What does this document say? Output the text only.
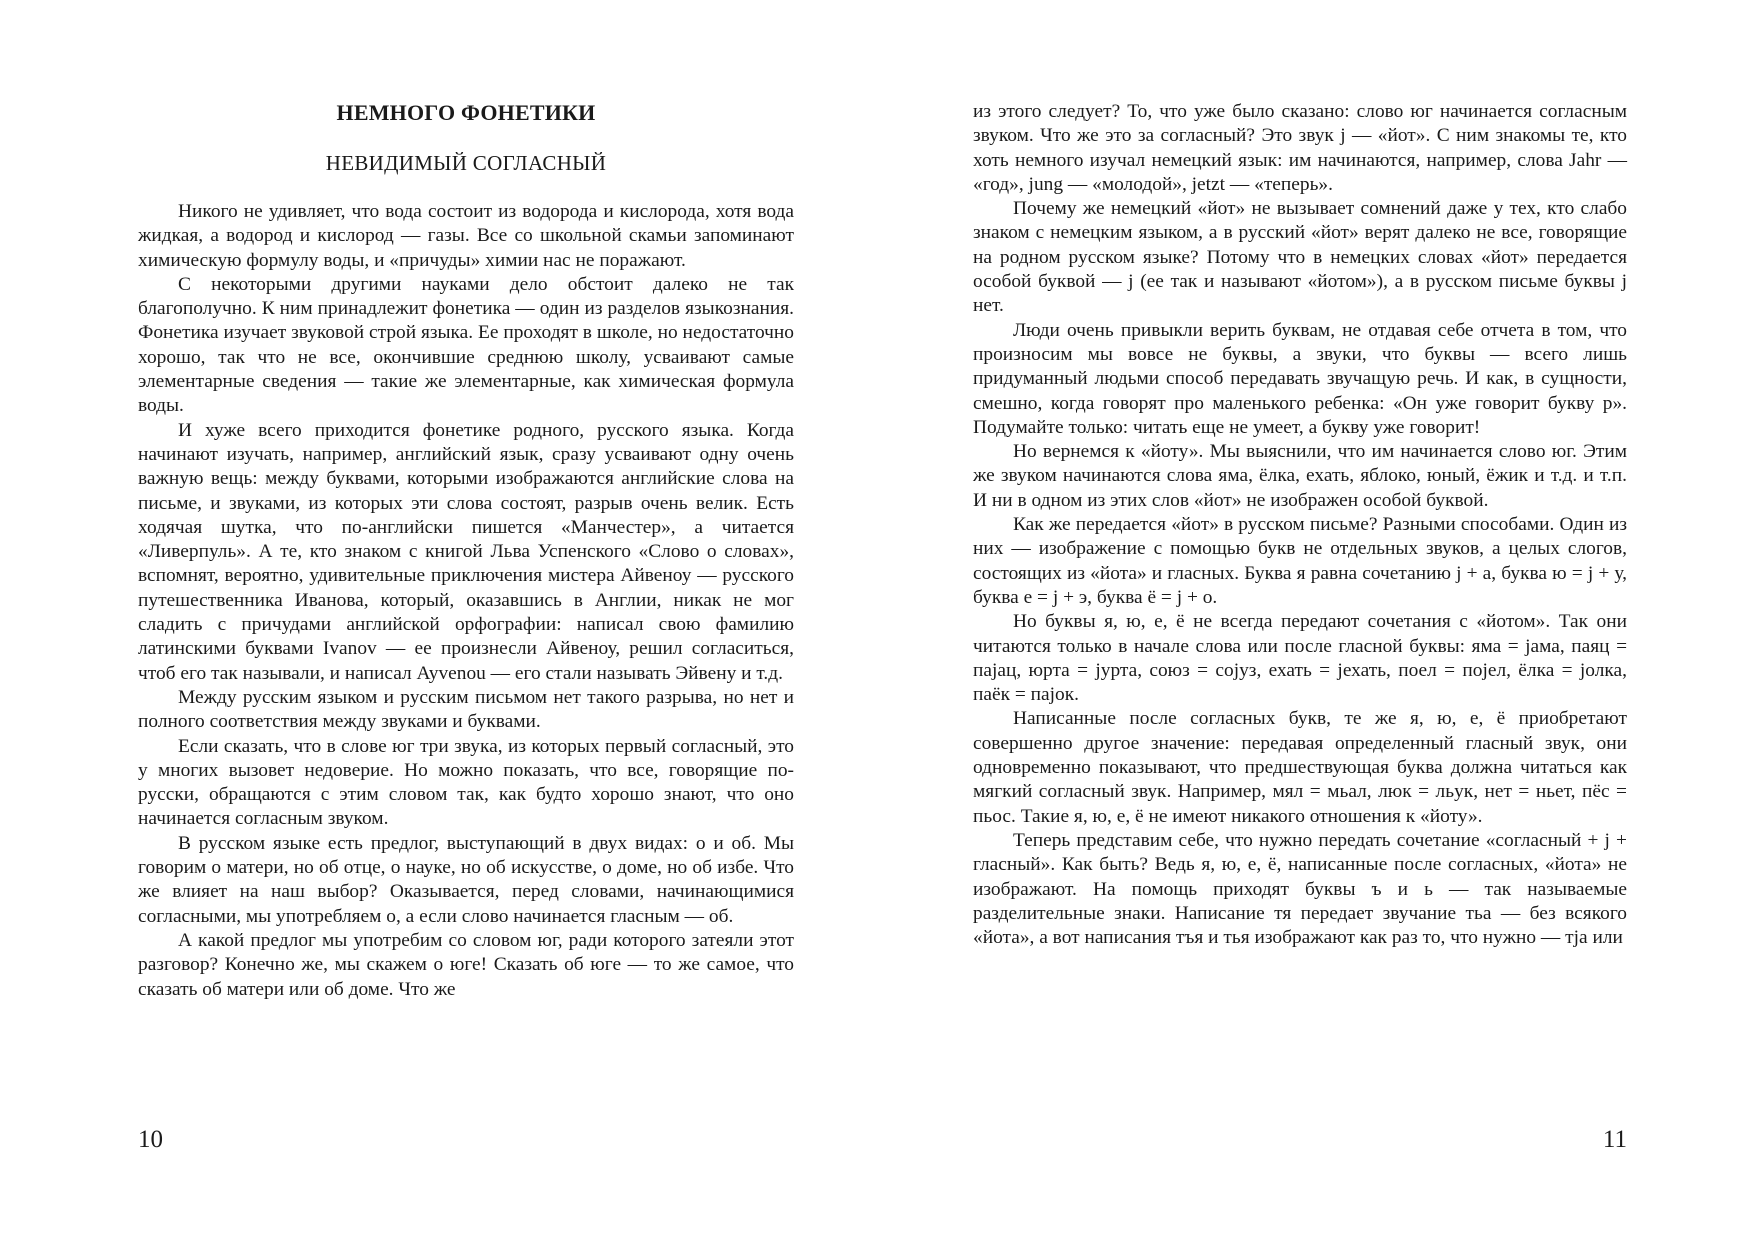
НЕМНОГО ФОНЕТИКИ
НЕВИДИМЫЙ СОГЛАСНЫЙ

Никого не удивляет, что вода состоит из водорода и кислорода, хотя вода жидкая, а водород и кислород — газы. Все со школьной скамьи запоминают химическую формулу воды, и «причуды» химии нас не поражают.

С некоторыми другими науками дело обстоит далеко не так благополучно. К ним принадлежит фонетика — один из разделов языкознания. Фонетика изучает звуковой строй языка. Ее проходят в школе, но недостаточно хорошо, так что не все, окончившие среднюю школу, усваивают самые элементарные сведения — такие же элементарные, как химическая формула воды.

И хуже всего приходится фонетике родного, русского языка. Когда начинают изучать, например, английский язык, сразу усваивают одну очень важную вещь: между буквами, которыми изображаются английские слова на письме, и звуками, из которых эти слова состоят, разрыв очень велик. Есть ходячая шутка, что по-английски пишется «Манчестер», а читается «Ливерпуль». А те, кто знаком с книгой Льва Успенского «Слово о словах», вспомнят, вероятно, удивительные приключения мистера Айвеноу — русского путешественника Иванова, который, оказавшись в Англии, никак не мог сладить с причудами английской орфографии: написал свою фамилию латинскими буквами Ivanov — ее произнесли Айвеноу, решил согласиться, чтоб его так называли, и написал Ayvenou — его стали называть Эйвену и т.д.

Между русским языком и русским письмом нет такого разрыва, но нет и полного соответствия между звуками и буквами.

Если сказать, что в слове юг три звука, из которых первый согласный, это у многих вызовет недоверие. Но можно показать, что все, говорящие по-русски, обращаются с этим словом так, как будто хорошо знают, что оно начинается согласным звуком.

В русском языке есть предлог, выступающий в двух видах: о и об. Мы говорим о матери, но об отце, о науке, но об искусстве, о доме, но об избе. Что же влияет на наш выбор? Оказывается, перед словами, начинающимися согласными, мы употребляем о, а если слово начинается гласным — об.

А какой предлог мы употребим со словом юг, ради которого затеяли этот разговор? Конечно же, мы скажем о юге! Сказать об юге — то же самое, что сказать об матери или об доме. Что же

10

из этого следует? То, что уже было сказано: слово юг начинается согласным звуком. Что же это за согласный? Это звук j — «йот». С ним знакомы те, кто хоть немного изучал немецкий язык: им начинаются, например, слова Jahr — «год», jung — «молодой», jetzt — «теперь».

Почему же немецкий «йот» не вызывает сомнений даже у тех, кто слабо знаком с немецким языком, а в русский «йот» верят далеко не все, говорящие на родном русском языке? Потому что в немецких словах «йот» передается особой буквой — j (ее так и называют «йотом»), а в русском письме буквы j нет.

Люди очень привыкли верить буквам, не отдавая себе отчета в том, что произносим мы вовсе не буквы, а звуки, что буквы — всего лишь придуманный людьми способ передавать звучащую речь. И как, в сущности, смешно, когда говорят про маленького ребенка: «Он уже говорит букву р». Подумайте только: читать еще не умеет, а букву уже говорит!

Но вернемся к «йоту». Мы выяснили, что им начинается слово юг. Этим же звуком начинаются слова яма, ёлка, ехать, яблоко, юный, ёжик и т.д. и т.п. И ни в одном из этих слов «йот» не изображен особой буквой.

Как же передается «йот» в русском письме? Разными способами. Один из них — изображение с помощью букв не отдельных звуков, а целых слогов, состоящих из «йота» и гласных. Буква я равна сочетанию j + а, буква ю = j + у, буква е = j + э, буква ё = j + о.

Но буквы я, ю, е, ё не всегда передают сочетания с «йотом». Так они читаются только в начале слова или после гласной буквы: яма = jама, паяц = паjац, юрта = jурта, союз = соjуз, ехать = jехать, поел = поjел, ёлка = jолка, паёк = паjок.

Написанные после согласных букв, те же я, ю, е, ё приобретают совершенно другое значение: передавая определенный гласный звук, они одновременно показывают, что предшествующая буква должна читаться как мягкий согласный звук. Например, мял = мьал, люк = льук, нет = ньет, пёс = пьос. Такие я, ю, е, ё не имеют никакого отношения к «йоту».

Теперь представим себе, что нужно передать сочетание «согласный + j + гласный». Как быть? Ведь я, ю, е, ё, написанные после согласных, «йота» не изображают. На помощь приходят буквы ъ и ь — так называемые разделительные знаки. Написание тя передает звучание тьа — без всякого «йота», а вот написания тъя и тья изображают как раз то, что нужно — тjа или

11
